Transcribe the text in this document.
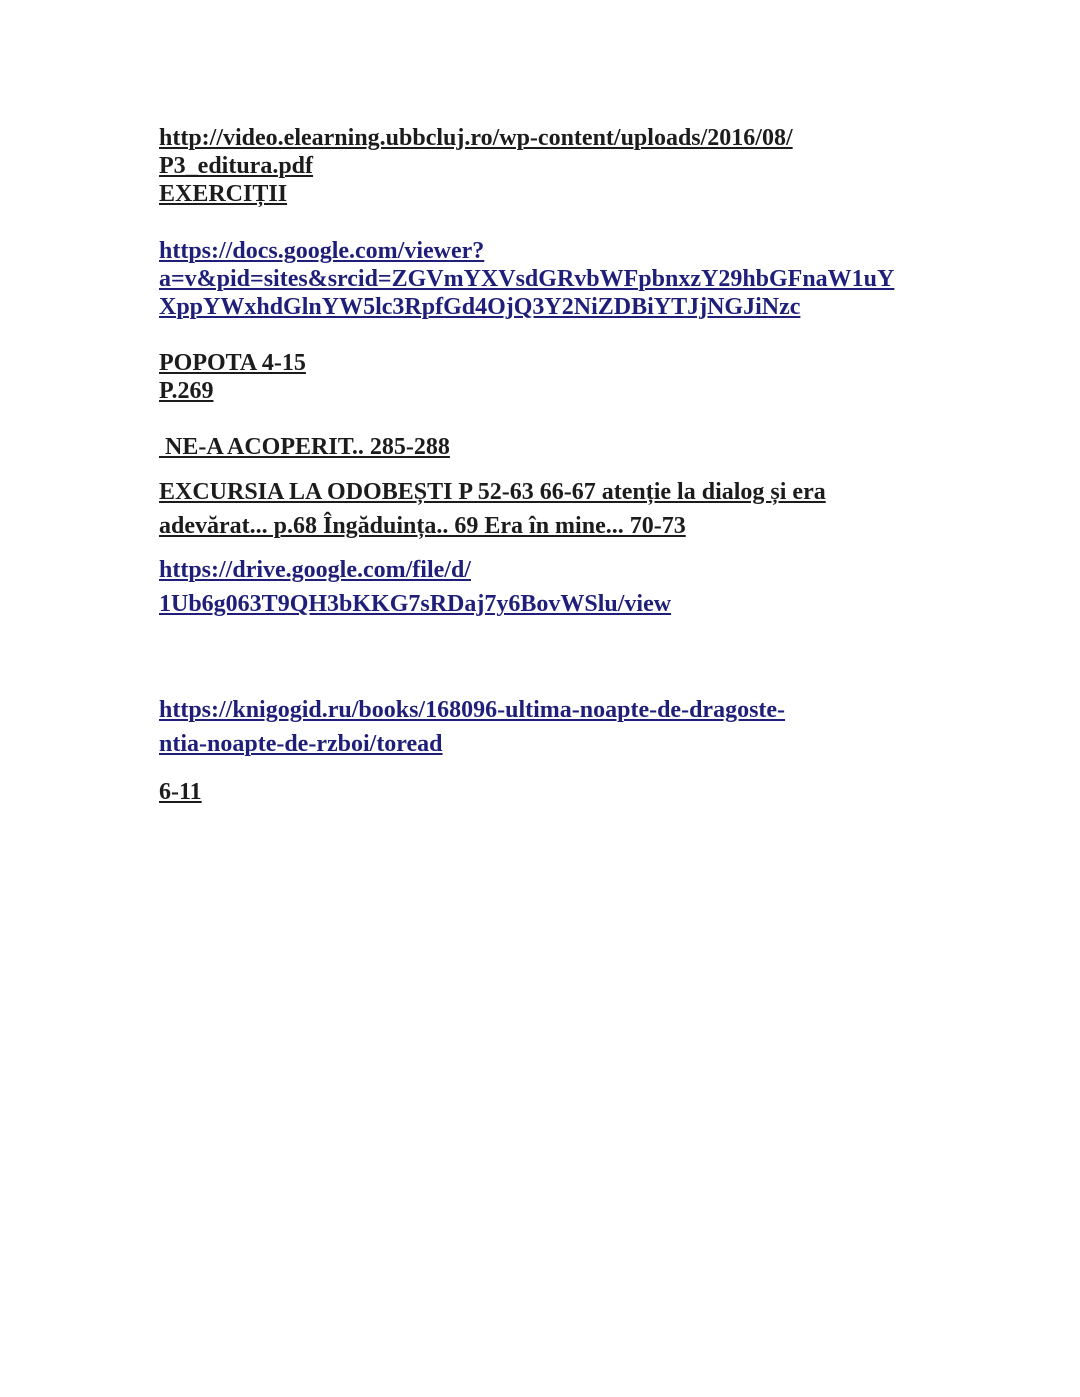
http://video.elearning.ubbcluj.ro/wp-content/uploads/2016/08/
P3_editura.pdf
EXERCIȚII
https://docs.google.com/viewer?
a=v&pid=sites&srcid=ZGVmYXVsdGRvbWFpbnxzY29hbGFnaW1uY
XppYWxhdGlnYW5lc3RpfGd4OjQ3Y2NiZDBiYTJjNGJiNzc
POPOTA 4-15
P.269
NE-A ACOPERIT.. 285-288
EXCURSIA LA ODOBEȘTI P 52-63 66-67 atenție la dialog și era
adevărat... p.68 Îngăduința.. 69 Era în mine... 70-73
https://drive.google.com/file/d/
1Ub6g063T9QH3bKKG7sRDaj7y6BovWSlu/view
https://knigogid.ru/books/168096-ultima-noapte-de-dragoste-
ntia-noapte-de-rzboi/toread
6-11
